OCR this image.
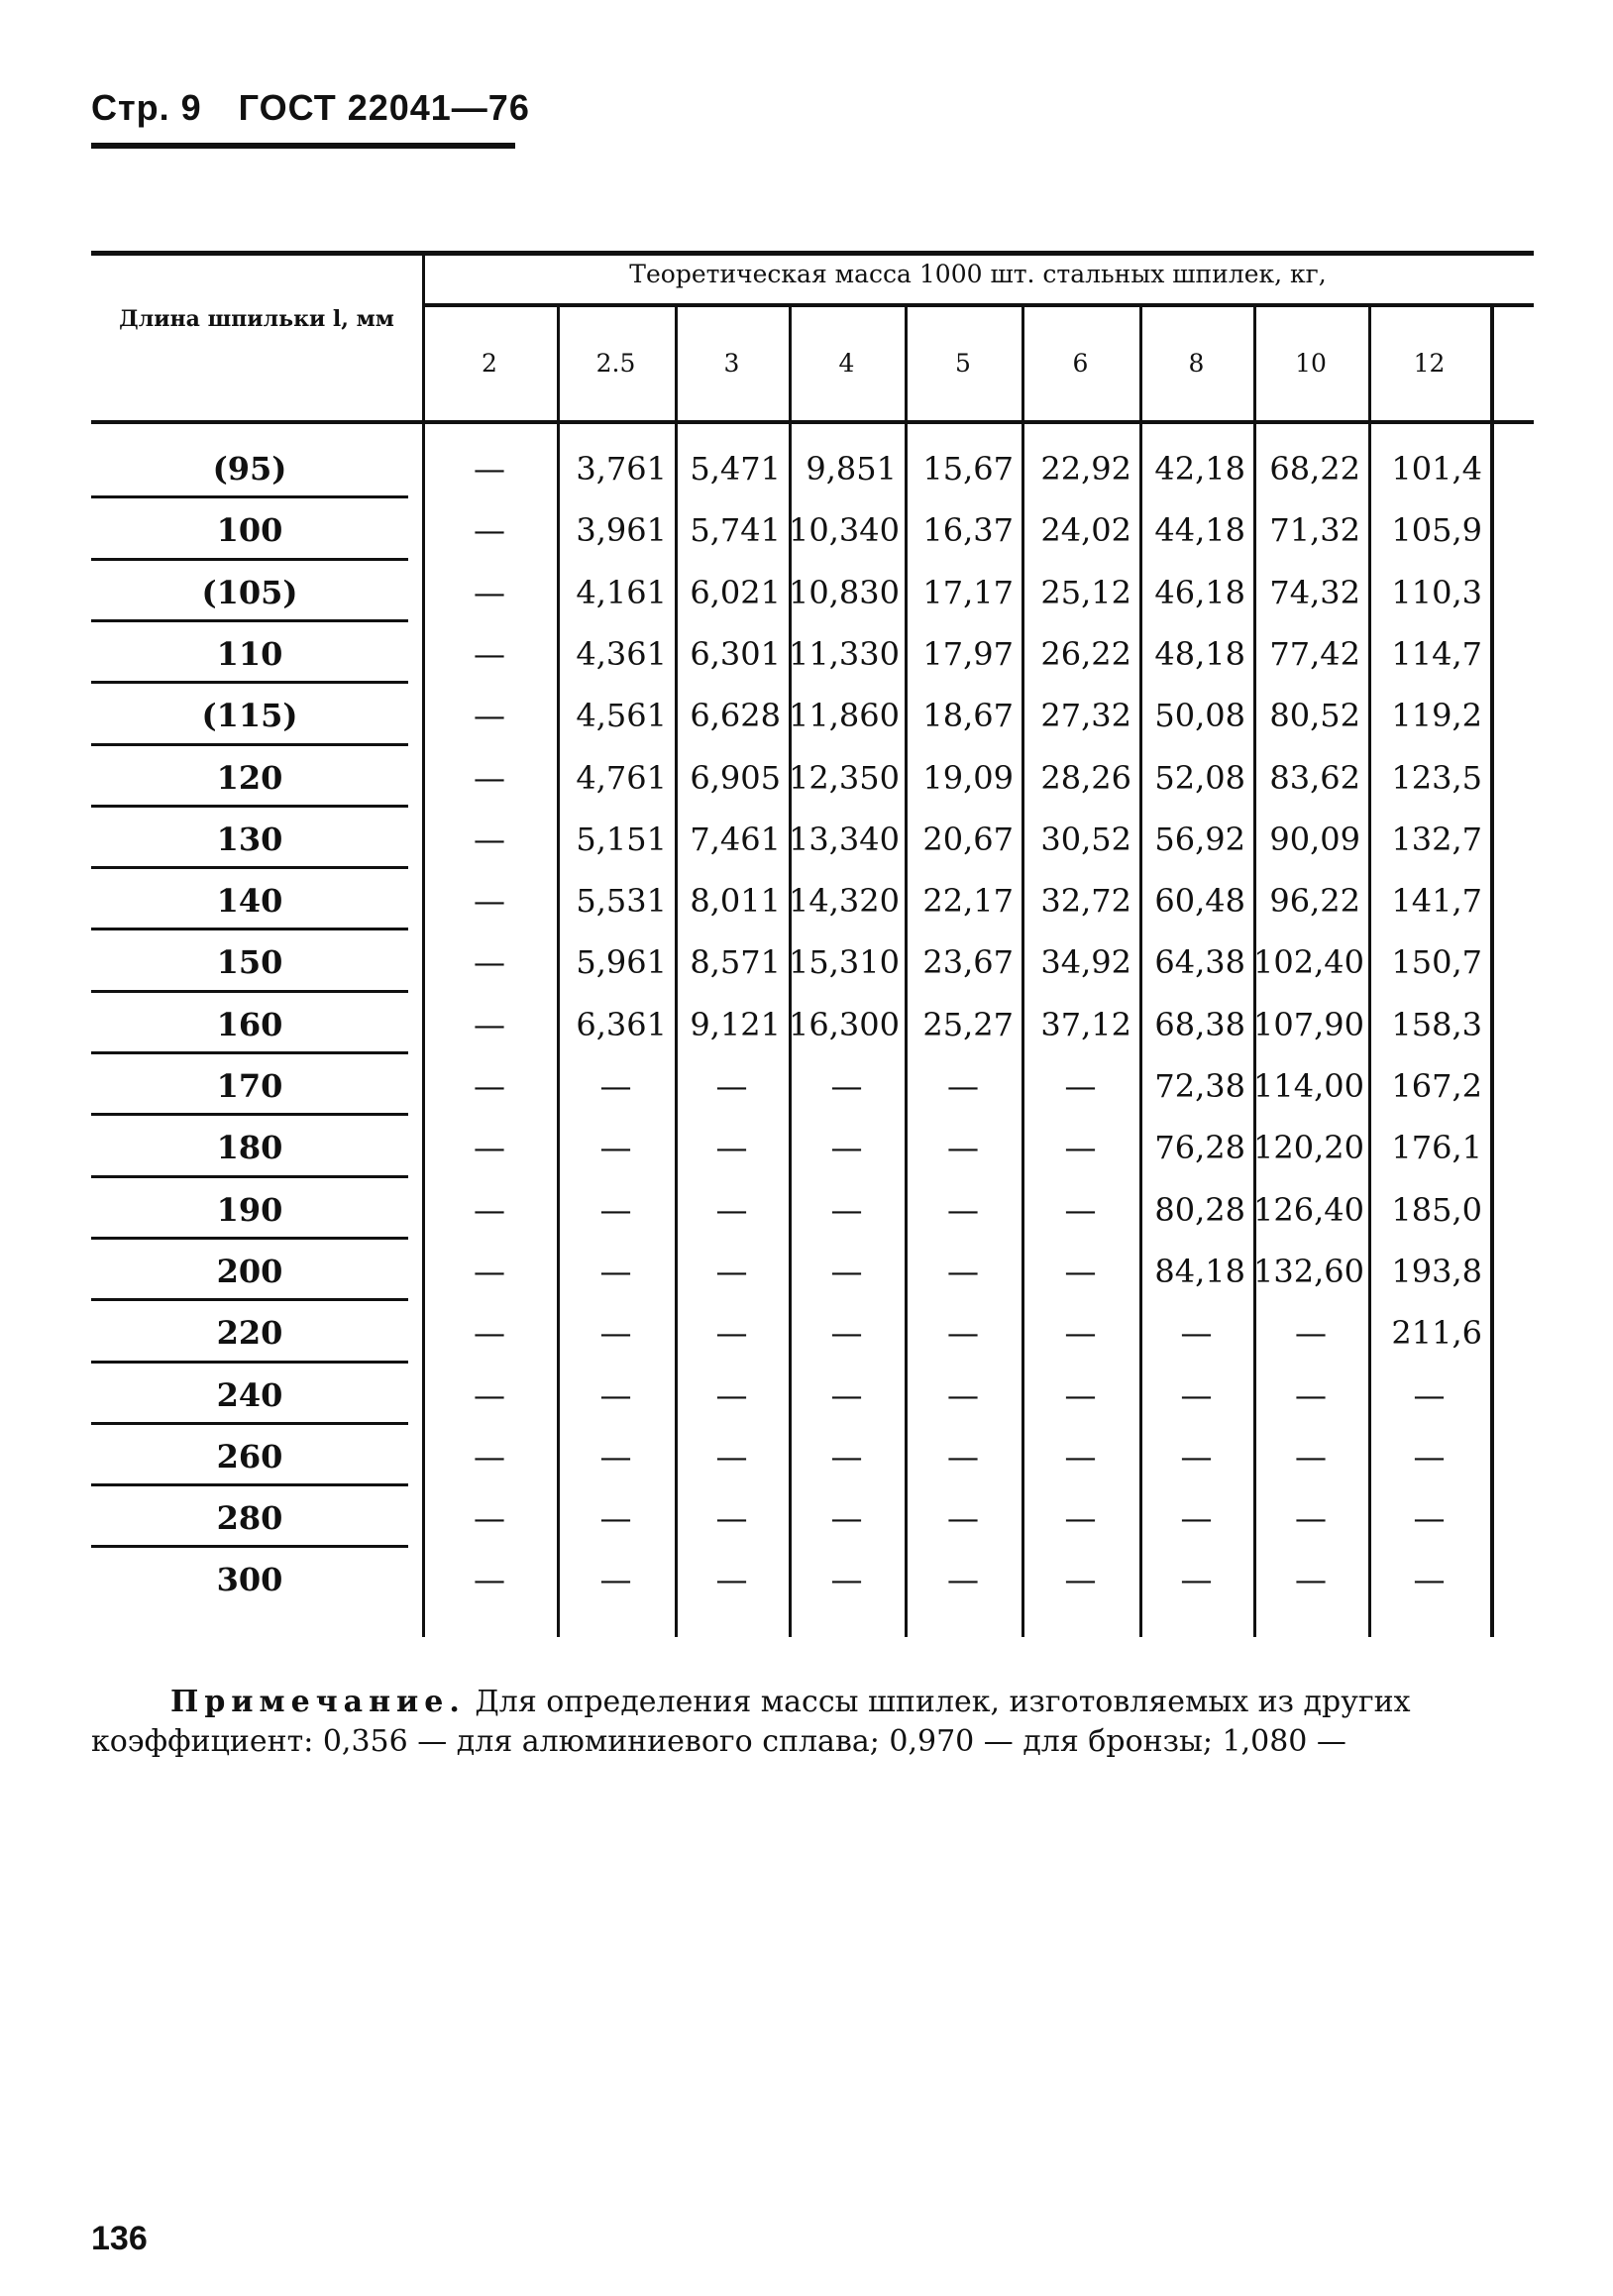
Стр. 9 ГОСТ 22041—76
Длина шпильки l, мм
Теоретическая масса 1000 шт. стальных шпилек, кг,
2	2.5	3	4	5	6	8	10	12
(95)	—	3,761 5,471 9,851 15,67 22,92 42,18 68,22 101,4
100	—	3,961 5,741 10,340 16,37 24,02 44,18 71,32 105,9
(105)	—	4,161 6,021 10,830 17,17 25,12 46,18 74,32 110,3
110	—	4,361 6,301 11,330 17,97 26,22 48,18 77,42 114,7
(115)	—	4,561 6,628 11,860 18,67 27,32 50,08 80,52 119,2
120	—	4,761 6,905 12,350 19,09 28,26 52,08 83,62 123,5
130	—	5,151 7,461 13,340 20,67 30,52 56,92 90,09 132,7
140	—	5,531 8,011 14,320 22,17 32,72 60,48 96,22 141,7
150	—	5,961 8,571 15,310 23,67 34,92 64,38 102,40 150,7
160	—	6,361 9,121 16,300 25,27 37,12 68,38 107,90 158,3
170	—	—	—	—	—	—	72,38 114,00 167,2
180	—	—	—	—	—	—	76,28 120,20 176,1
190	—	—	—	—	—	—	80,28 126,40 185,0
200	—	—	—	—	—	—	84,18 132,60 193,8
220	—	—	—	—	—	—	—	—	211,6
240	—	—	—	—	—	—	—	—	—
260	—	—	—	—	—	—	—	—	—
280	—	—	—	—	—	—	—	—	—
300	—	—	—	—	—	—	—	—	—
Примечание. Для определения массы шпилек, изготовляемых из других
коэффициент: 0,356 — для алюминиевого сплава; 0,970 — для бронзы; 1,080 —
136
